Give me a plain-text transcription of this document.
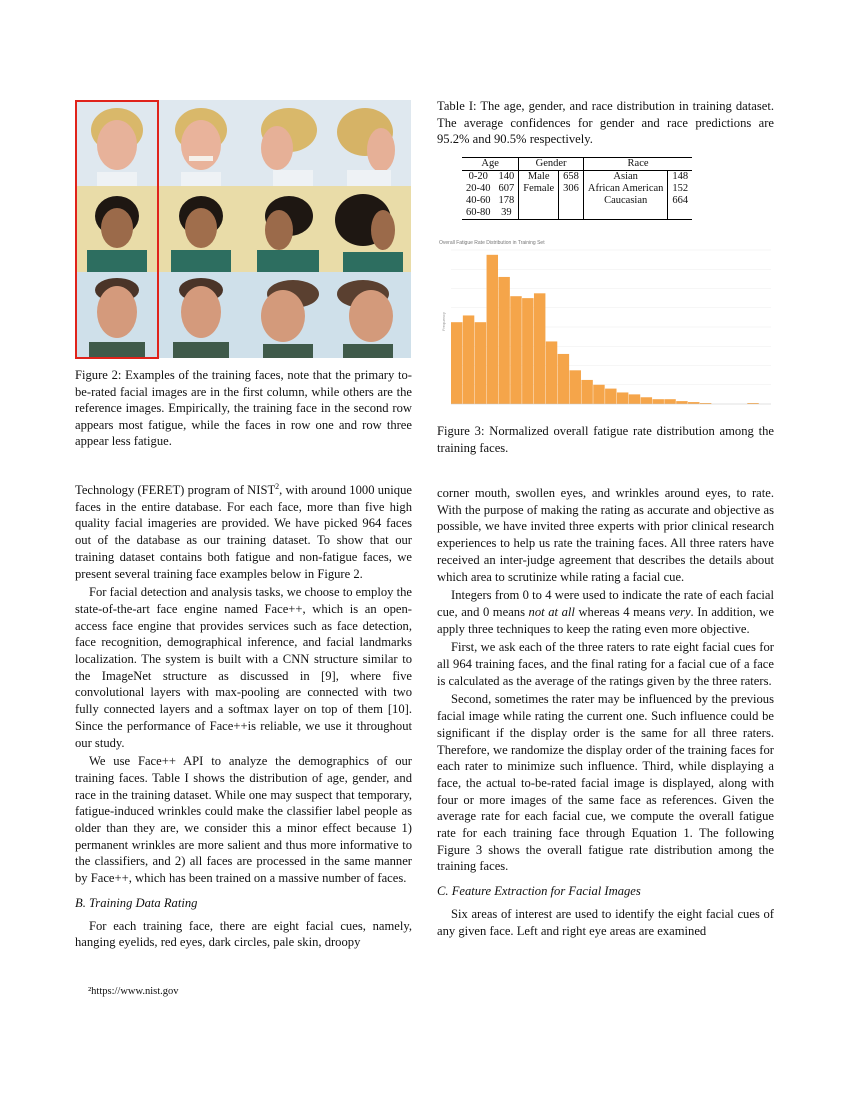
Figure 2: Examples of the training faces, note that the primary to-be-rated facial images are in the first column, while others are the reference images. Empirically, the training face in the second row appears most fatigue, while the faces in row one and row three appear less fatigue.
Table I: The age, gender, and race distribution in training dataset. The average confidences for gender and race predictions are 95.2% and 90.5% respectively.
Age		Gender		Race	
0-20	140	Male	658	Asian	148
20-40	607	Female	306	African American	152
40-60	178			Caucasian	664
60-80	39				
Overall Fatigue Rate Distribution in Training Set
Frequency
Figure 3: Normalized overall fatigue rate distribution among the training faces.

Technology (FERET) program of NIST$^2$, with around 1000 unique faces in the entire database. For each face, more than five high quality facial imageries are provided. We have picked 964 faces out of the database as our training dataset. To show that our training dataset contains both fatigue and non-fatigue faces, we present several training face examples below in Figure 2.

For facial detection and analysis tasks, we choose to employ the state-of-the-art face engine named Face++, which is an open-access face engine that provides services such as face detection, face recognition, demographical inference, and facial landmarks localization. The system is built with a CNN structure similar to the ImageNet structure as discussed in [9], where five convolutional layers with max-pooling are connected with two fully connected layers and a softmax layer on top of them [10]. Since the performance of Face++is reliable, we use it throughout our study.

We use Face++ API to analyze the demographics of our training faces. Table I shows the distribution of age, gender, and race in the training dataset. While one may suspect that temporary, fatigue-induced wrinkles could make the classifier label people as older than they are, we consider this a minor effect because 1) permanent wrinkles are more salient and thus more informative to the classifiers, and 2) all faces are processed in the same manner by Face++, which has been trained on a massive number of faces.

B. Training Data Rating

For each training face, there are eight facial cues, namely, hanging eyelids, red eyes, dark circles, pale skin, droopy

²https://www.nist.gov

corner mouth, swollen eyes, and wrinkles around eyes, to rate. With the purpose of making the rating as accurate and objective as possible, we have invited three experts with prior clinical research experiences to help us rate the training faces. All three raters have received an inter-judge agreement that describes the details about which area to scrutinize while rating a facial cue.

Integers from 0 to 4 were used to indicate the rate of each facial cue, and 0 means not at all whereas 4 means very. In addition, we apply three techniques to keep the rating even more objective.

First, we ask each of the three raters to rate eight facial cues for all 964 training faces, and the final rating for a facial cue of a face is calculated as the average of the ratings given by the three raters.

Second, sometimes the rater may be influenced by the previous facial image while rating the current one. Such influence could be significant if the display order is the same for all three raters. Therefore, we randomize the display order of the training faces for each rater to minimize such influence. Third, while displaying a face, the actual to-be-rated facial image is displayed, along with four or more images of the same face as references. Given the average rate for each facial cue, we compute the overall fatigue rate for each training face through Equation 1. The following Figure 3 shows the overall fatigue rate distribution among the training faces.

C. Feature Extraction for Facial Images

Six areas of interest are used to identify the eight facial cues of any given face. Left and right eye areas are examined
